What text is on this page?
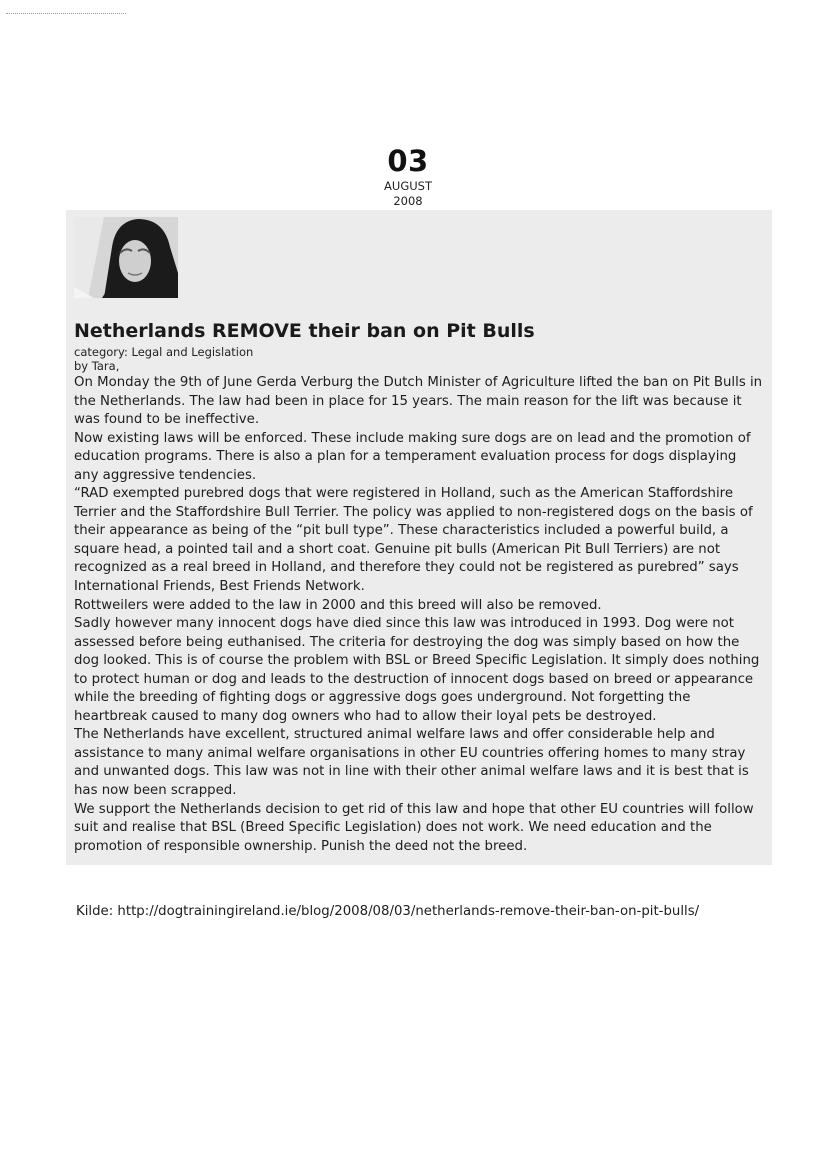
03
AUGUST
2008
Netherlands REMOVE their ban on Pit Bulls
category: Legal and Legislation
by Tara,

On Monday the 9th of June Gerda Verburg the Dutch Minister of Agriculture lifted the ban on Pit Bulls in the Netherlands. The law had been in place for 15 years. The main reason for the lift was because it was found to be ineffective.

Now existing laws will be enforced. These include making sure dogs are on lead and the promotion of education programs. There is also a plan for a temperament evaluation process for dogs displaying any aggressive tendencies.

“RAD exempted purebred dogs that were registered in Holland, such as the American Staffordshire Terrier and the Staffordshire Bull Terrier. The policy was applied to non-registered dogs on the basis of their appearance as being of the “pit bull type”. These characteristics included a powerful build, a square head, a pointed tail and a short coat. Genuine pit bulls (American Pit Bull Terriers) are not recognized as a real breed in Holland, and therefore they could not be registered as purebred” says International Friends, Best Friends Network.

Rottweilers were added to the law in 2000 and this breed will also be removed.

Sadly however many innocent dogs have died since this law was introduced in 1993. Dog were not assessed before being euthanised. The criteria for destroying the dog was simply based on how the dog looked. This is of course the problem with BSL or Breed Specific Legislation. It simply does nothing to protect human or dog and leads to the destruction of innocent dogs based on breed or appearance while the breeding of fighting dogs or aggressive dogs goes underground. Not forgetting the heartbreak caused to many dog owners who had to allow their loyal pets be destroyed.

The Netherlands have excellent, structured animal welfare laws and offer considerable help and assistance to many animal welfare organisations in other EU countries offering homes to many stray and unwanted dogs. This law was not in line with their other animal welfare laws and it is best that is has now been scrapped.

We support the Netherlands decision to get rid of this law and hope that other EU countries will follow suit and realise that BSL (Breed Specific Legislation) does not work. We need education and the promotion of responsible ownership. Punish the deed not the breed.

Kilde: http://dogtrainingireland.ie/blog/2008/08/03/netherlands-remove-their-ban-on-pit-bulls/
